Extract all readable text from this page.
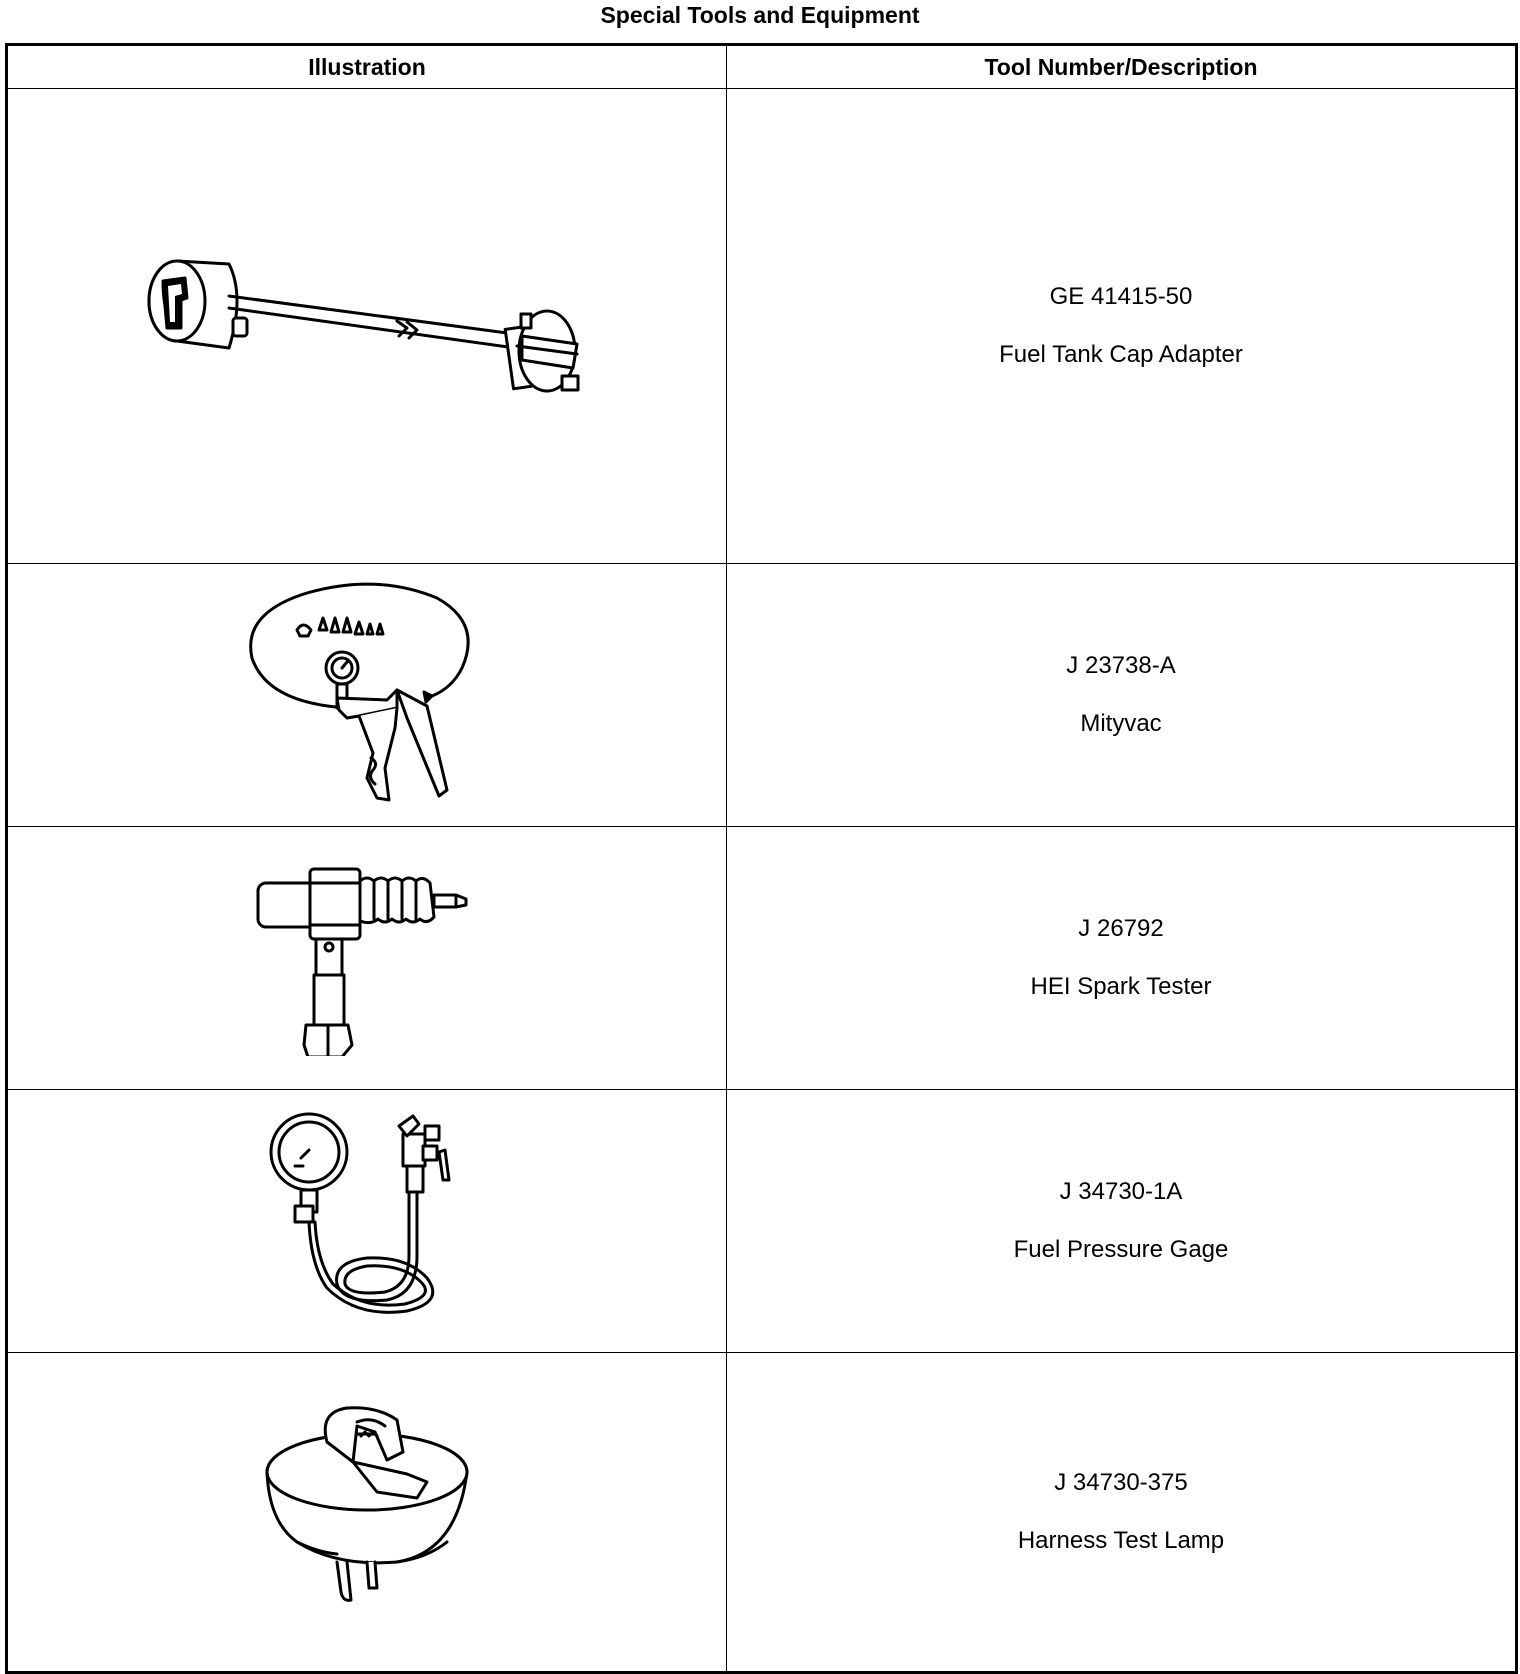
Special Tools and Equipment
Illustration	Tool Number/Description

GE 41415-50
Fuel Tank Cap Adapter

J 23738-A
Mityvac

J 26792
HEI Spark Tester

J 34730-1A
Fuel Pressure Gage

J 34730-375
Harness Test Lamp
